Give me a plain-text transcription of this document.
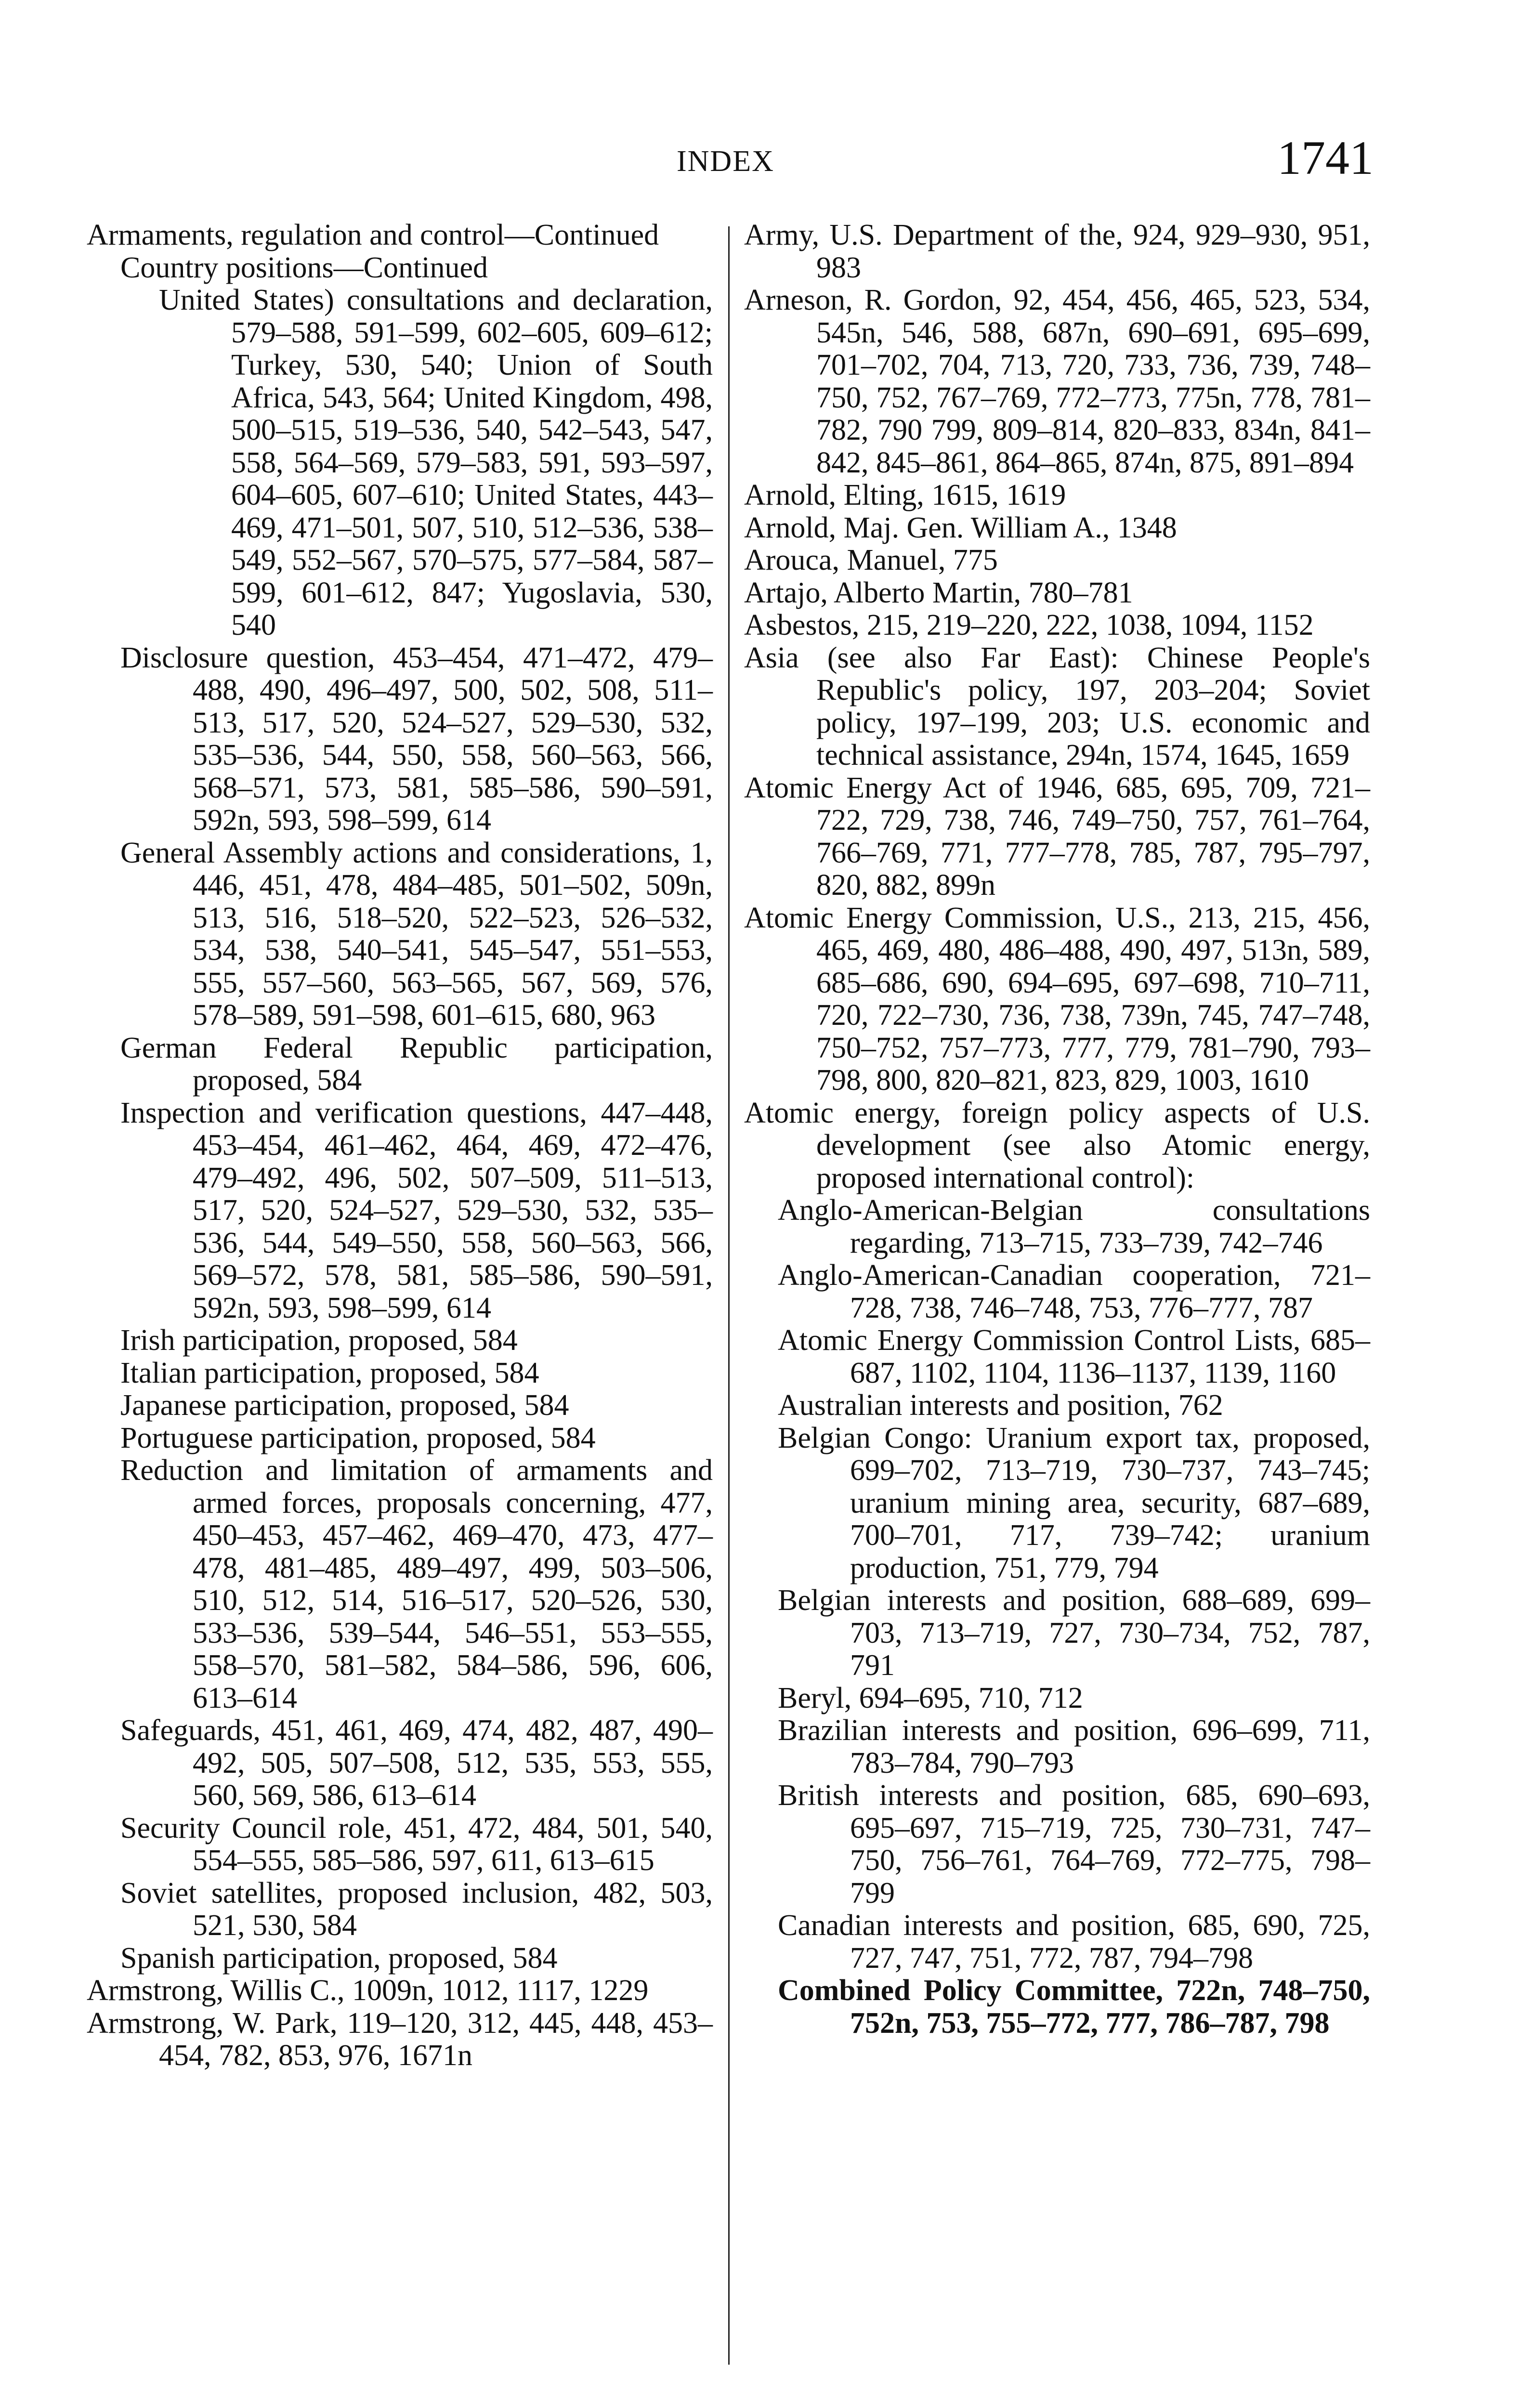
INDEX	1741
Armaments, regulation and control—Continued
Country positions—Continued
United States) consultations and declaration, 579–588, 591–599, 602–605, 609–612; Turkey, 530, 540; Union of South Africa, 543, 564; United Kingdom, 498, 500–515, 519–536, 540, 542–543, 547, 558, 564–569, 579–583, 591, 593–597, 604–605, 607–610; United States, 443–469, 471–501, 507, 510, 512–536, 538–549, 552–567, 570–575, 577–584, 587–599, 601–612, 847; Yugoslavia, 530, 540
Disclosure question, 453–454, 471–472, 479–488, 490, 496–497, 500, 502, 508, 511–513, 517, 520, 524–527, 529–530, 532, 535–536, 544, 550, 558, 560–563, 566, 568–571, 573, 581, 585–586, 590–591, 592n, 593, 598–599, 614
General Assembly actions and considerations, 1, 446, 451, 478, 484–485, 501–502, 509n, 513, 516, 518–520, 522–523, 526–532, 534, 538, 540–541, 545–547, 551–553, 555, 557–560, 563–565, 567, 569, 576, 578–589, 591–598, 601–615, 680, 963
German Federal Republic participation, proposed, 584
Inspection and verification questions, 447–448, 453–454, 461–462, 464, 469, 472–476, 479–492, 496, 502, 507–509, 511–513, 517, 520, 524–527, 529–530, 532, 535–536, 544, 549–550, 558, 560–563, 566, 569–572, 578, 581, 585–586, 590–591, 592n, 593, 598–599, 614
Irish participation, proposed, 584
Italian participation, proposed, 584
Japanese participation, proposed, 584
Portuguese participation, proposed, 584
Reduction and limitation of armaments and armed forces, proposals concerning, 477, 450–453, 457–462, 469–470, 473, 477–478, 481–485, 489–497, 499, 503–506, 510, 512, 514, 516–517, 520–526, 530, 533–536, 539–544, 546–551, 553–555, 558–570, 581–582, 584–586, 596, 606, 613–614
Safeguards, 451, 461, 469, 474, 482, 487, 490–492, 505, 507–508, 512, 535, 553, 555, 560, 569, 586, 613–614
Security Council role, 451, 472, 484, 501, 540, 554–555, 585–586, 597, 611, 613–615
Soviet satellites, proposed inclusion, 482, 503, 521, 530, 584
Spanish participation, proposed, 584
Armstrong, Willis C., 1009n, 1012, 1117, 1229
Armstrong, W. Park, 119–120, 312, 445, 448, 453–454, 782, 853, 976, 1671n
Army, U.S. Department of the, 924, 929–930, 951, 983
Arneson, R. Gordon, 92, 454, 456, 465, 523, 534, 545n, 546, 588, 687n, 690–691, 695–699, 701–702, 704, 713, 720, 733, 736, 739, 748–750, 752, 767–769, 772–773, 775n, 778, 781–782, 790 799, 809–814, 820–833, 834n, 841–842, 845–861, 864–865, 874n, 875, 891–894
Arnold, Elting, 1615, 1619
Arnold, Maj. Gen. William A., 1348
Arouca, Manuel, 775
Artajo, Alberto Martin, 780–781
Asbestos, 215, 219–220, 222, 1038, 1094, 1152
Asia (see also Far East): Chinese People's Republic's policy, 197, 203–204; Soviet policy, 197–199, 203; U.S. economic and technical assistance, 294n, 1574, 1645, 1659
Atomic Energy Act of 1946, 685, 695, 709, 721–722, 729, 738, 746, 749–750, 757, 761–764, 766–769, 771, 777–778, 785, 787, 795–797, 820, 882, 899n
Atomic Energy Commission, U.S., 213, 215, 456, 465, 469, 480, 486–488, 490, 497, 513n, 589, 685–686, 690, 694–695, 697–698, 710–711, 720, 722–730, 736, 738, 739n, 745, 747–748, 750–752, 757–773, 777, 779, 781–790, 793–798, 800, 820–821, 823, 829, 1003, 1610
Atomic energy, foreign policy aspects of U.S. development (see also Atomic energy, proposed international control):
Anglo-American-Belgian consultations regarding, 713–715, 733–739, 742–746
Anglo-American-Canadian cooperation, 721–728, 738, 746–748, 753, 776–777, 787
Atomic Energy Commission Control Lists, 685–687, 1102, 1104, 1136–1137, 1139, 1160
Australian interests and position, 762
Belgian Congo: Uranium export tax, proposed, 699–702, 713–719, 730–737, 743–745; uranium mining area, security, 687–689, 700–701, 717, 739–742; uranium production, 751, 779, 794
Belgian interests and position, 688–689, 699–703, 713–719, 727, 730–734, 752, 787, 791
Beryl, 694–695, 710, 712
Brazilian interests and position, 696–699, 711, 783–784, 790–793
British interests and position, 685, 690–693, 695–697, 715–719, 725, 730–731, 747–750, 756–761, 764–769, 772–775, 798–799
Canadian interests and position, 685, 690, 725, 727, 747, 751, 772, 787, 794–798
Combined Policy Committee, 722n, 748–750, 752n, 753, 755–772, 777, 786–787, 798
